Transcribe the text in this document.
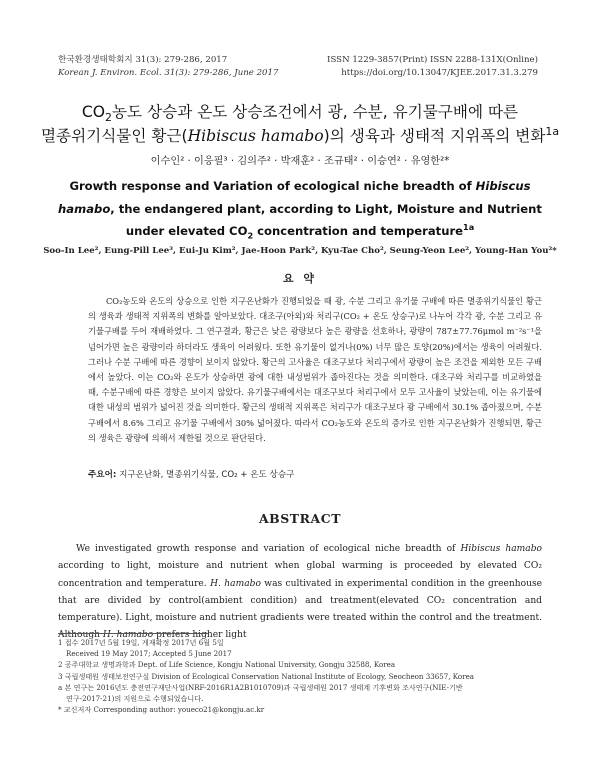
한국환경생태학회지 31(3): 279-286, 2017
Korean J. Environ. Ecol. 31(3): 279-286, June 2017
ISSN 1229-3857(Print) ISSN 2288-131X(Online)
https://doi.org/10.13047/KJEE.2017.31.3.279
$CO_2$농도 상승과 온도 상승조건에서 광, 수분, 유기물구배에 따른
멸종위기식물인 황근(Hibiscus hamabo)의 생육과 생태적 지위폭의 변화$^{1a}$
이수인² · 이응필³ · 김의주² · 박재훈² · 조규태² · 이승연² · 유영한²*
Growth response and Variation of ecological niche breadth of Hibiscus hamabo, the endangered plant, according to Light, Moisture and Nutrient under elevated $CO_2$ concentration and temperature$^{1a}$
Soo-In Lee², Eung-Pill Lee³, Eui-Ju Kim², Jae-Hoon Park², Kyu-Tae Cho², Seung-Yeon Lee², Young-Han You²*
요 약
CO₂농도와 온도의 상승으로 인한 지구온난화가 진행되었을 때 광, 수분 그리고 유기물 구배에 따른 멸종위기식물인 황근의 생육과 생태적 지위폭의 변화를 알아보았다. 대조구(아외)와 처리구(CO₂ + 온도 상승구)로 나누어 각각 광, 수분 그리고 유기물구배를 두어 재배하였다. 그 연구결과, 황근은 낮은 광량보다 높은 광량을 선호하나, 광량이 787±77.76μmol m⁻²s⁻¹을 넘어가면 높은 광량이라 하더라도 생육이 어려웠다. 또한 유기물이 없거나(0%) 너무 많은 토양(20%)에서는 생육이 어려웠다. 그러나 수분 구배에 따른 경향이 보이지 않았다. 황근의 고사율은 대조구보다 처리구에서 광량이 높은 조건을 제외한 모든 구배에서 높았다. 이는 CO₂와 온도가 상승하면 광에 대한 내성범위가 좁아진다는 것을 의미한다. 대조구와 처리구를 비교하였을 때, 수분구배에 따른 경향은 보이지 않았다. 유기물구배에서는 대조구보다 처리구에서 모두 고사율이 낮았는데, 이는 유기물에 대한 내성의 범위가 넓어진 것을 의미한다. 황근의 생태적 지위폭은 처리구가 대조구보다 광 구배에서 30.1% 좁아졌으며, 수분 구배에서 8.6% 그리고 유기물 구배에서 30% 넓어졌다. 따라서 CO₂농도와 온도의 증가로 인한 지구온난화가 진행되면, 황근의 생육은 광량에 의해서 제한될 것으로 판단된다.
주요어: 지구온난화, 멸종위기식물, CO₂ + 온도 상승구
ABSTRACT
We investigated growth response and variation of ecological niche breadth of Hibiscus hamabo according to light, moisture and nutrient when global warming is proceeded by elevated CO₂ concentration and temperature. H. hamabo was cultivated in experimental condition in the greenhouse that are divided by control(ambient condition) and treatment(elevated CO₂ concentration and temperature). Light, moisture and nutrient gradients were treated within the control and the treatment. Although H. hamabo prefers higher light
1 접수 2017년 5월 19일, 게재확정 2017년 6월 5일
Received 19 May 2017; Accepted 5 June 2017
2 공주대학교 생명과학과 Dept. of Life Science, Kongju National University, Gongju 32588, Korea
3 국립생태원 생태보전연구실 Division of Ecological Conservation National Institute of Ecology, Seocheon 33657, Korea
a 본 연구는 2016년도 충전연구재단사업(NRF-2016R1A2B1010709)과 국립생태원 2017 생태계 기후변화 조사연구(NIE-기반
연구-2017-21)의 지원으로 수행되었습니다.
* 교신저자 Corresponding author: youeco21@kongju.ac.kr
